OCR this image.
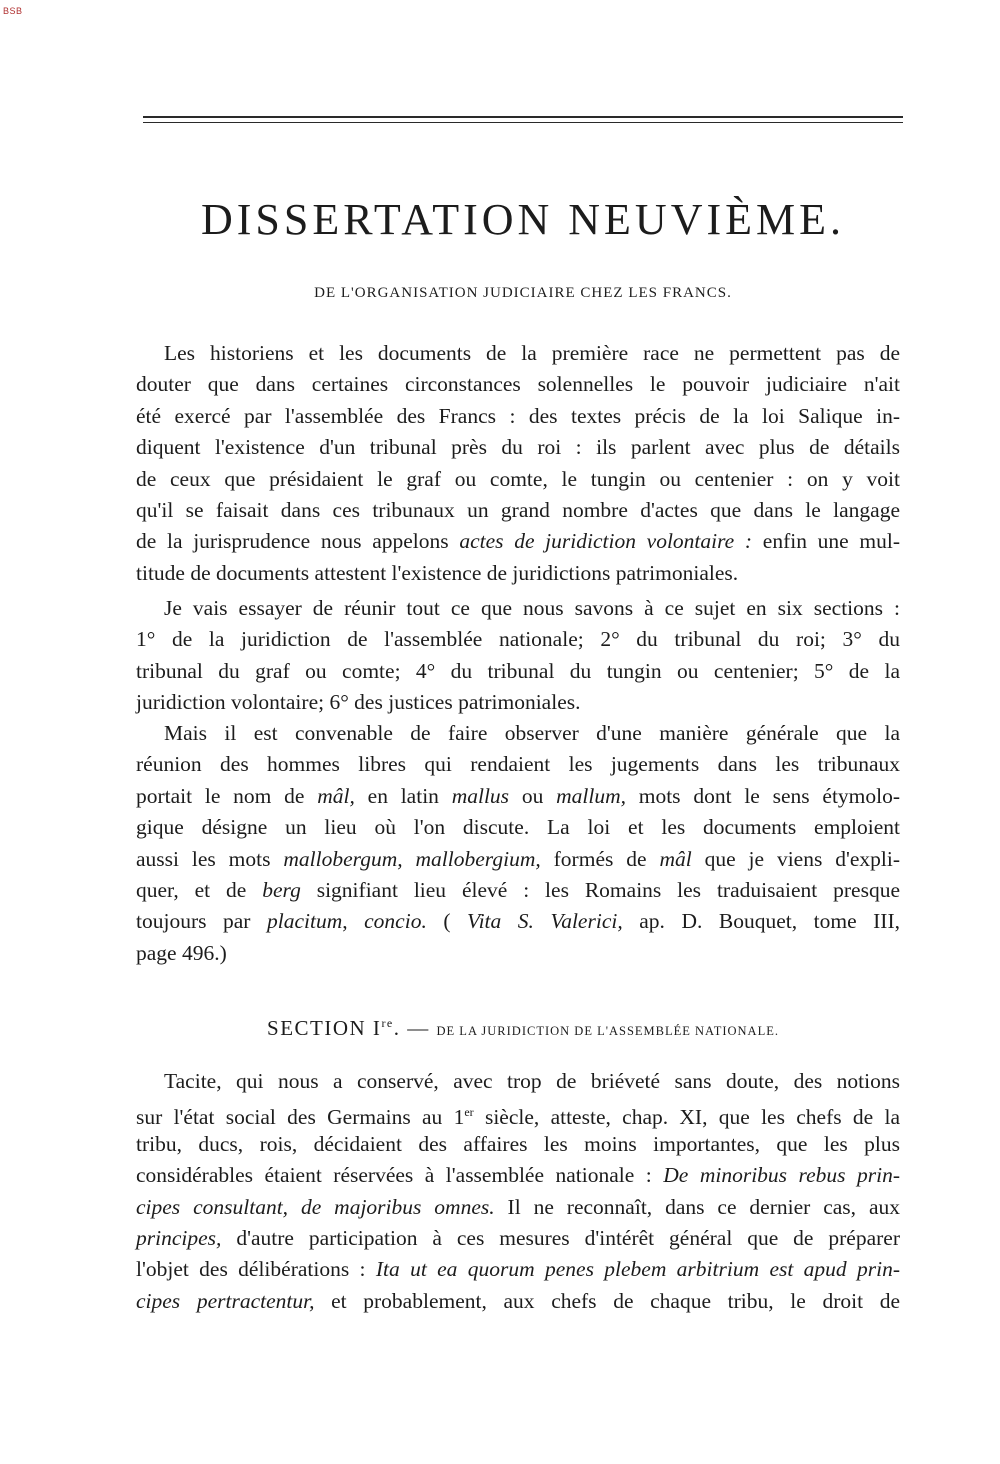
BSB
DISSERTATION NEUVIÈME.
DE L'ORGANISATION JUDICIAIRE CHEZ LES FRANCS.
Les historiens et les documents de la première race ne permettent pas de
douter que dans certaines circonstances solennelles le pouvoir judiciaire n'ait
été exercé par l'assemblée des Francs : des textes précis de la loi Salique in-
diquent l'existence d'un tribunal près du roi : ils parlent avec plus de détails
de ceux que présidaient le graf ou comte, le tungin ou centenier : on y voit
qu'il se faisait dans ces tribunaux un grand nombre d'actes que dans le langage
de la jurisprudence nous appelons actes de juridiction volontaire : enfin une mul-
titude de documents attestent l'existence de juridictions patrimoniales.
Je vais essayer de réunir tout ce que nous savons à ce sujet en six sections :
1° de la juridiction de l'assemblée nationale; 2° du tribunal du roi; 3° du
tribunal du graf ou comte; 4° du tribunal du tungin ou centenier; 5° de la
juridiction volontaire; 6° des justices patrimoniales.
Mais il est convenable de faire observer d'une manière générale que la
réunion des hommes libres qui rendaient les jugements dans les tribunaux
portait le nom de mâl, en latin mallus ou mallum, mots dont le sens étymolo-
gique désigne un lieu où l'on discute. La loi et les documents emploient
aussi les mots mallobergum, mallobergium, formés de mâl que je viens d'expli-
quer, et de berg signifiant lieu élevé : les Romains les traduisaient presque
toujours par placitum, concio. ( Vita S. Valerici, ap. D. Bouquet, tome III,
page 496.)
SECTION Ire. — DE LA JURIDICTION DE L'ASSEMBLÉE NATIONALE.
Tacite, qui nous a conservé, avec trop de briéveté sans doute, des notions
sur l'état social des Germains au 1er siècle, atteste, chap. XI, que les chefs de la
tribu, ducs, rois, décidaient des affaires les moins importantes, que les plus
considérables étaient réservées à l'assemblée nationale : De minoribus rebus prin-
cipes consultant, de majoribus omnes. Il ne reconnaît, dans ce dernier cas, aux
principes, d'autre participation à ces mesures d'intérêt général que de préparer
l'objet des délibérations : Ita ut ea quorum penes plebem arbitrium est apud prin-
cipes pertractentur, et probablement, aux chefs de chaque tribu, le droit de
